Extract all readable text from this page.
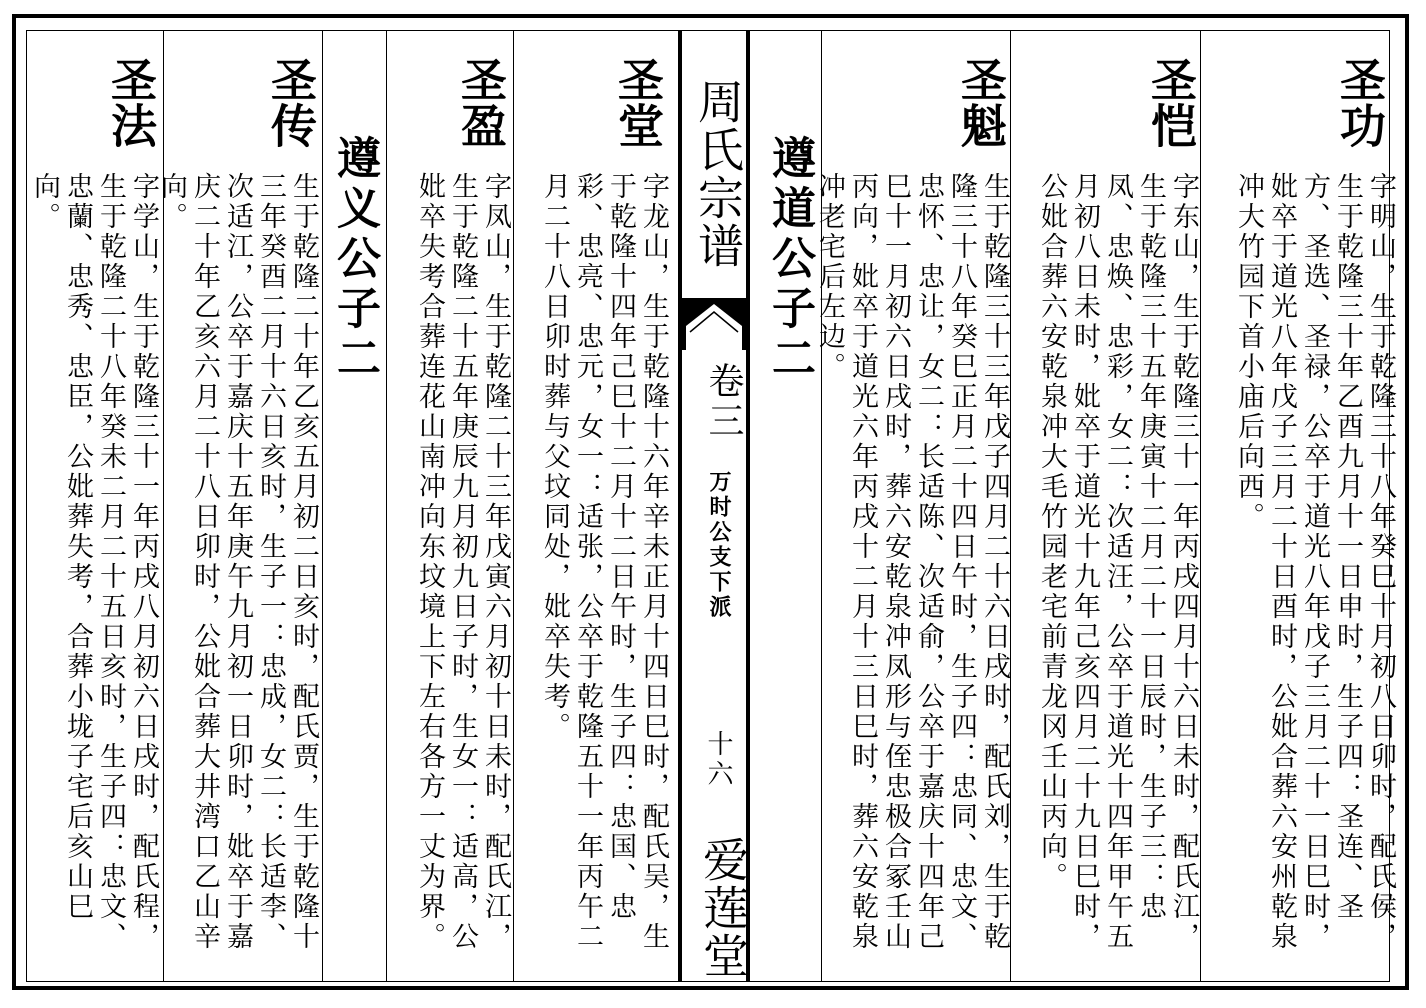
周氏宗谱
卷三
万时公支下派
十六
爱莲堂
遵道公子二
圣功
字明山，生于乾隆三十八年癸巳十月初八日卯时，配氏侯，生于乾隆三十年乙酉九月十一日申时，生子四：圣连、圣方、圣选、圣禄，公卒于道光八年戊子三月二十一日巳时，妣卒于道光八年戊子三月二十日酉时，公妣合葬六安州乾泉冲大竹园下首小庙后向西。
圣恺
字东山，生于乾隆三十一年丙戌四月十六日未时，配氏江，生于乾隆三十五年庚寅十二月二十一日辰时，生子三：忠凤、忠焕、忠彩，女二：次适汪，公卒于道光十四年甲午五月初八日未时，妣卒于道光十九年己亥四月二十九日巳时，公妣合葬六安乾泉冲大毛竹园老宅前青龙冈壬山丙向。
圣魁
生于乾隆三十三年戊子四月二十六日戌时，配氏刘，生于乾隆三十八年癸巳正月二十四日午时，生子四：忠同、忠文、忠怀、忠让，女二：长适陈、次适俞，公卒于嘉庆十四年己巳十一月初六日戌时，葬六安乾泉冲凤形与侄忠极合冢壬山丙向，妣卒于道光六年丙戌十二月十三日巳时，葬六安乾泉冲老宅后左边。
圣堂
字龙山，生于乾隆十六年辛未正月十四日巳时，配氏吴，生于乾隆十四年己巳十二月十二日午时，生子四：忠国、忠彩、忠亮、忠元，女一：适张，公卒于乾隆五十一年丙午二月二十八日卯时葬与父坟同处，妣卒失考。
圣盈
字凤山，生于乾隆二十三年戊寅六月初十日未时，配氏江，生于乾隆二十五年庚辰九月初九日子时，生女一：适高，公妣卒失考合葬连花山南冲向东坟境上下左右各方一丈为界。
遵义公子二
圣传
生于乾隆二十年乙亥五月初二日亥时，配氏贾，生于乾隆十三年癸酉二月十六日亥时，生子一：忠成，女二：长适李、次适江，公卒于嘉庆十五年庚午九月初一日卯时，妣卒于嘉庆二十年乙亥六月二十八日卯时，公妣合葬大井湾口乙山辛向。
圣法
字学山，生于乾隆三十一年丙戌八月初六日戌时，配氏程，生于乾隆二十八年癸未二月二十五日亥时，生子四：忠文、忠蘭、忠秀、忠臣，公妣葬失考，合葬小垅子宅后亥山巳向。
